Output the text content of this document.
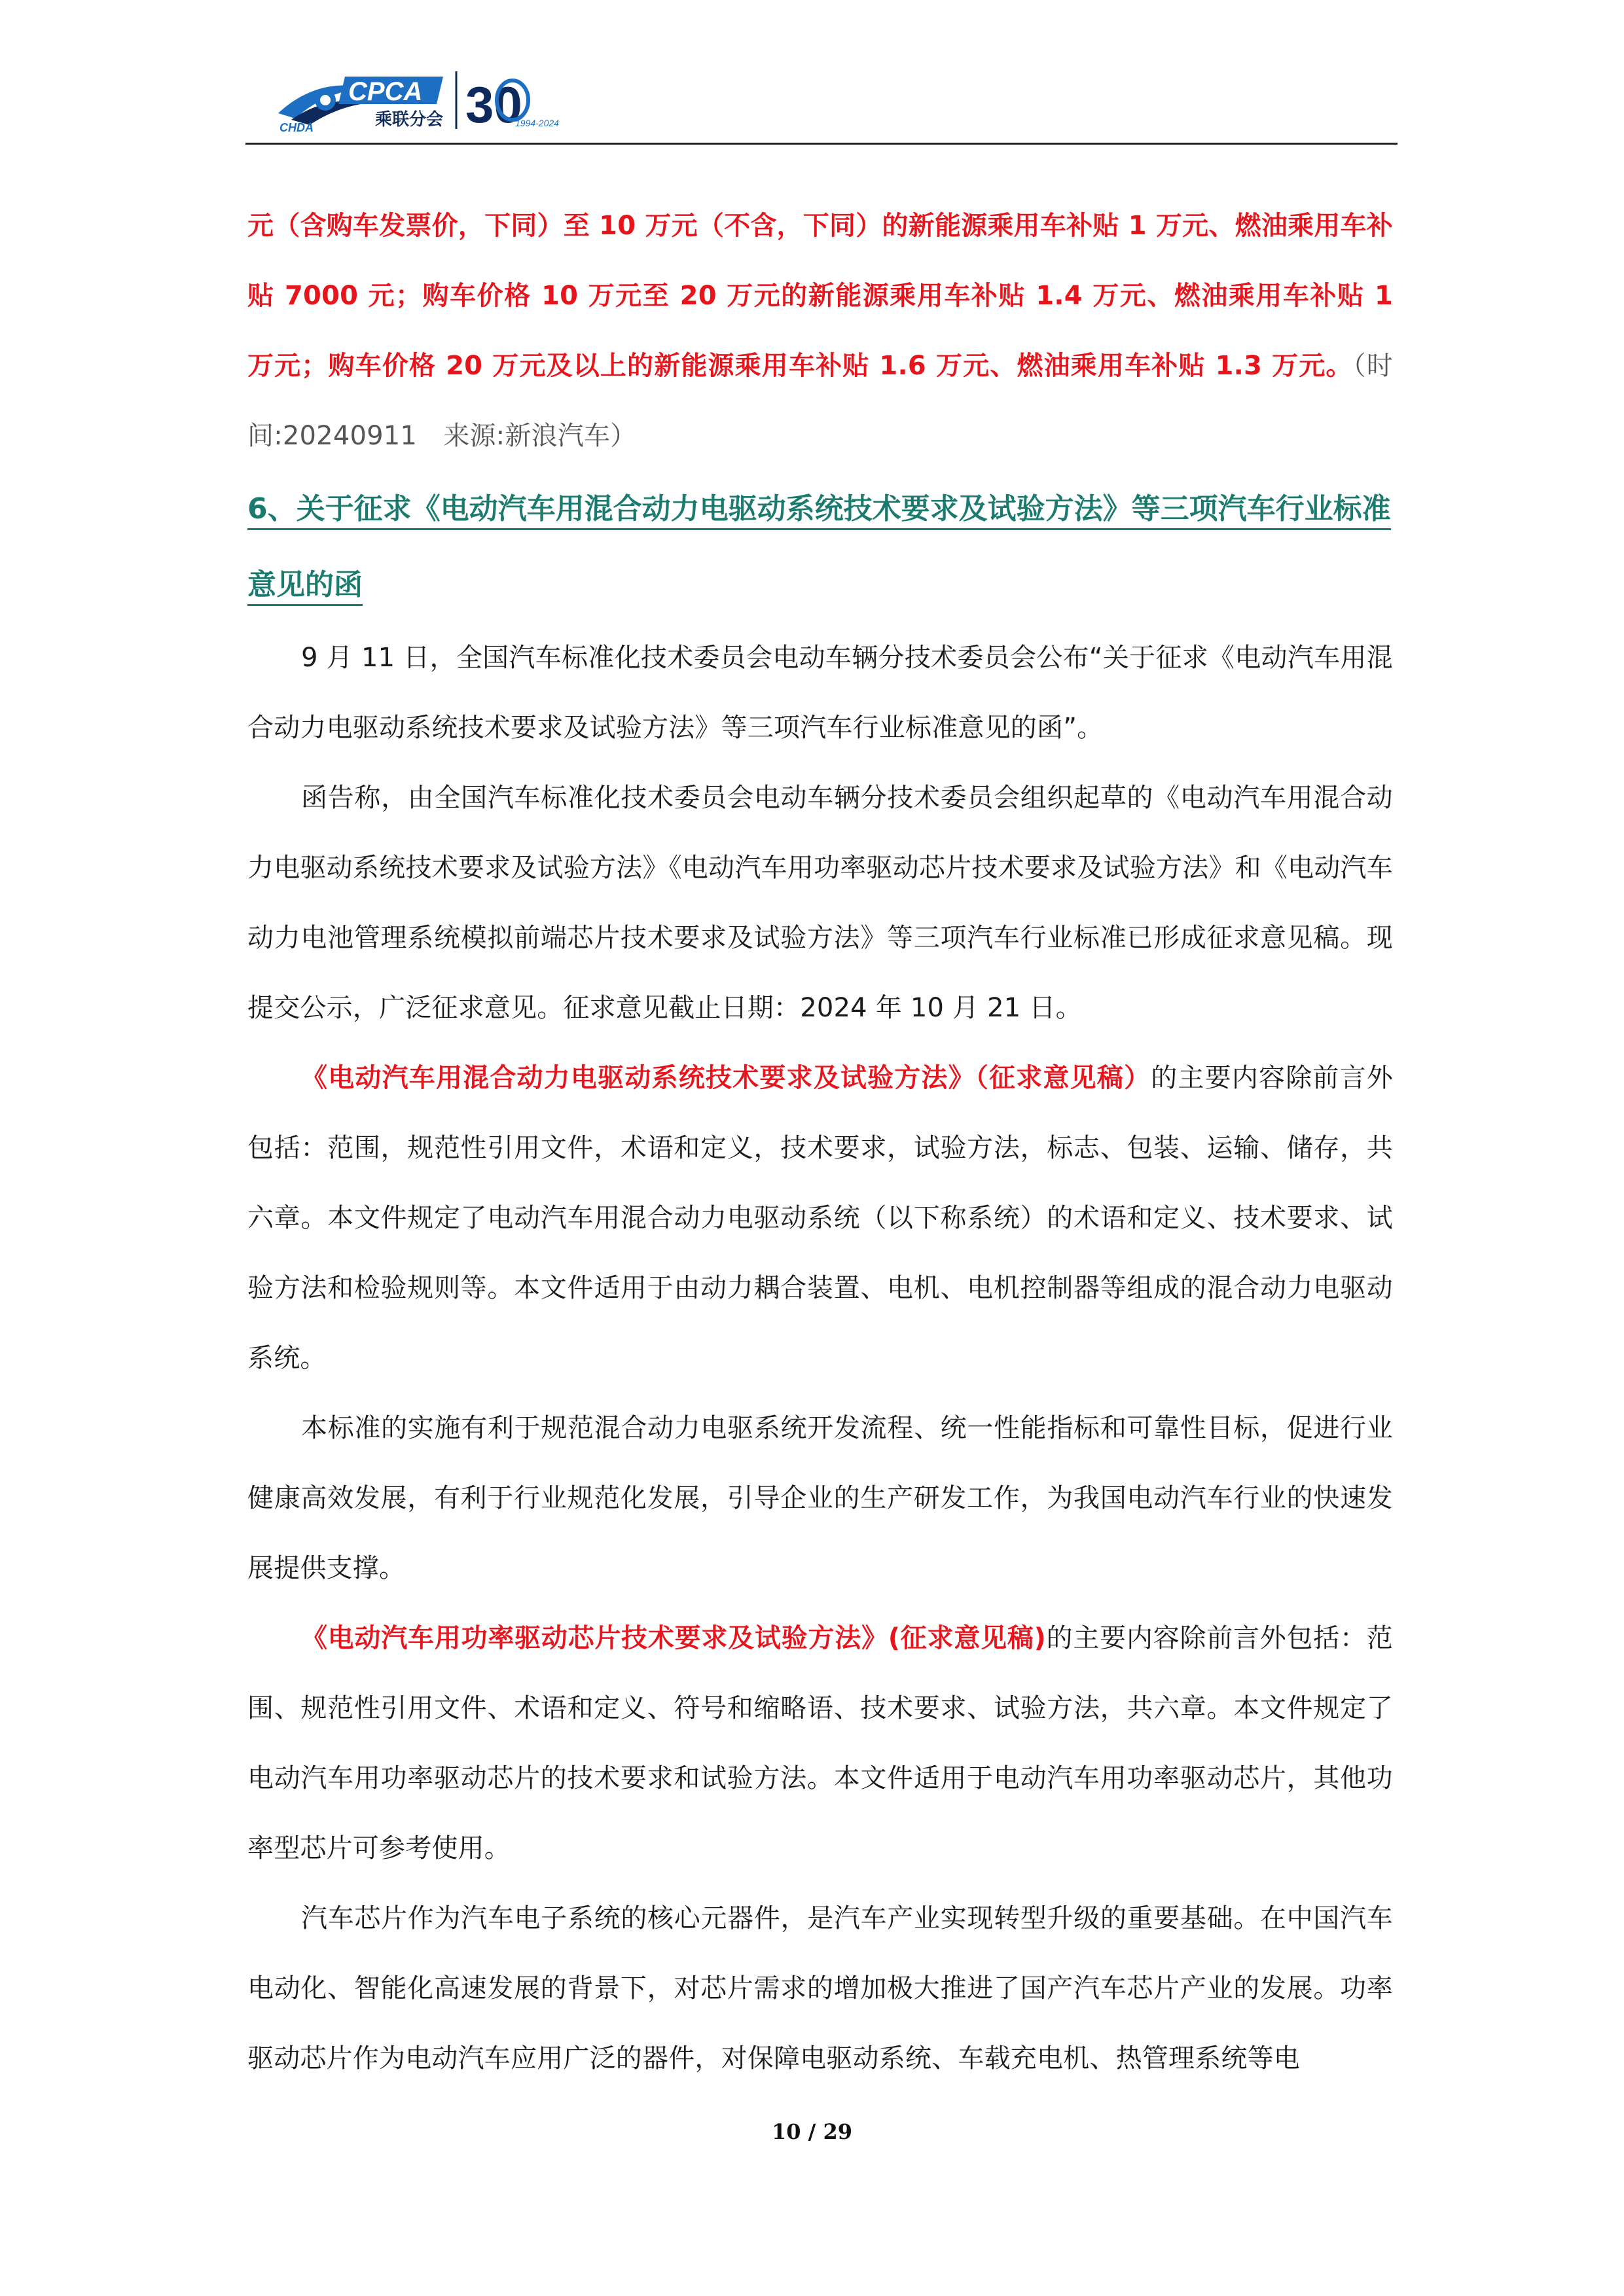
CHDA
CPCA
乘联分会 30
1994-2024

元（含购车发票价，下同）至 10 万元（不含，下同）的新能源乘用车补贴 1 万元、燃油乘用车补贴 7000 元；购车价格 10 万元至 20 万元的新能源乘用车补贴 1.4 万元、燃油乘用车补贴 1 万元；购车价格 20 万元及以上的新能源乘用车补贴 1.6 万元、燃油乘用车补贴 1.3 万元。（时间:20240911　来源:新浪汽车）

6、关于征求《电动汽车用混合动力电驱动系统技术要求及试验方法》等三项汽车行业标准意见的函

9 月 11 日，全国汽车标准化技术委员会电动车辆分技术委员会公布“关于征求《电动汽车用混合动力电驱动系统技术要求及试验方法》等三项汽车行业标准意见的函”。

函告称，由全国汽车标准化技术委员会电动车辆分技术委员会组织起草的《电动汽车用混合动力电驱动系统技术要求及试验方法》《电动汽车用功率驱动芯片技术要求及试验方法》和《电动汽车动力电池管理系统模拟前端芯片技术要求及试验方法》等三项汽车行业标准已形成征求意见稿。现提交公示，广泛征求意见。征求意见截止日期：2024 年 10 月 21 日。

《电动汽车用混合动力电驱动系统技术要求及试验方法》（征求意见稿）的主要内容除前言外包括：范围，规范性引用文件，术语和定义，技术要求，试验方法，标志、包装、运输、储存，共六章。本文件规定了电动汽车用混合动力电驱动系统（以下称系统）的术语和定义、技术要求、试验方法和检验规则等。本文件适用于由动力耦合装置、电机、电机控制器等组成的混合动力电驱动系统。

本标准的实施有利于规范混合动力电驱系统开发流程、统一性能指标和可靠性目标，促进行业健康高效发展，有利于行业规范化发展，引导企业的生产研发工作，为我国电动汽车行业的快速发展提供支撑。

《电动汽车用功率驱动芯片技术要求及试验方法》(征求意见稿)的主要内容除前言外包括：范围、规范性引用文件、术语和定义、符号和缩略语、技术要求、试验方法，共六章。本文件规定了电动汽车用功率驱动芯片的技术要求和试验方法。本文件适用于电动汽车用功率驱动芯片，其他功率型芯片可参考使用。

汽车芯片作为汽车电子系统的核心元器件，是汽车产业实现转型升级的重要基础。在中国汽车电动化、智能化高速发展的背景下，对芯片需求的增加极大推进了国产汽车芯片产业的发展。功率驱动芯片作为电动汽车应用广泛的器件，对保障电驱动系统、车载充电机、热管理系统等电

10 / 29
